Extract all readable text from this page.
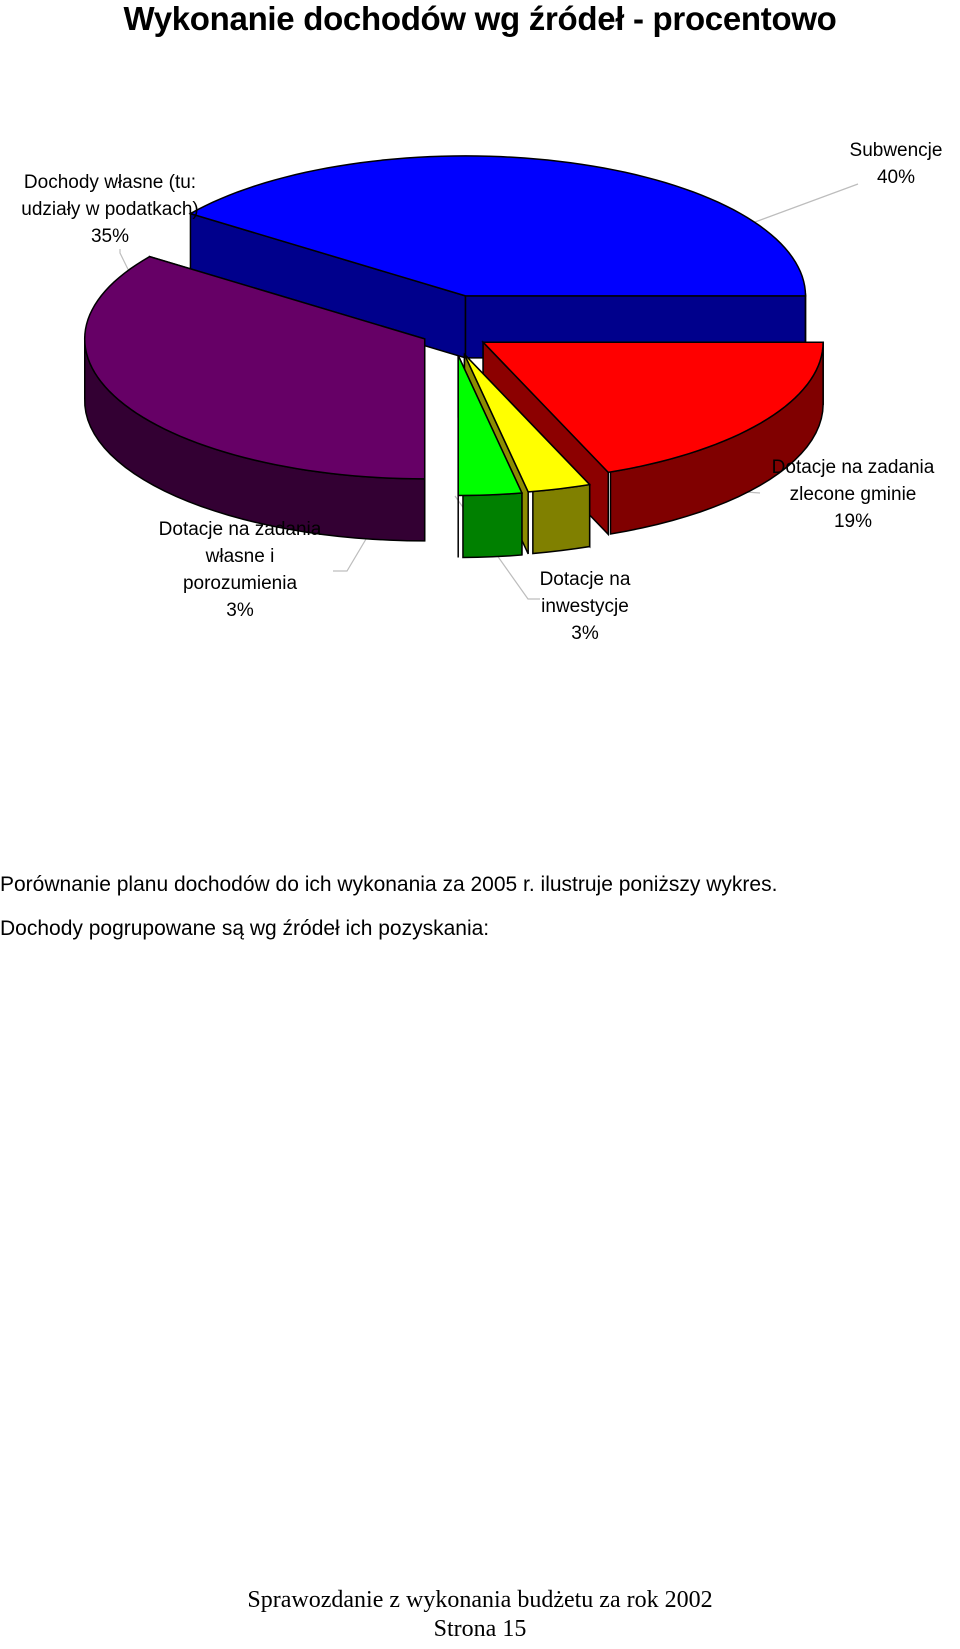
Wykonanie dochodów wg źródeł - procentowo
Subwencje
40%
Dotacje na zadania
zlecone gminie
19%
Dotacje na
inwestycje
3%
Dotacje na zadania
własne i
porozumienia
3%
Dochody własne (tu:
udziały w podatkach)
35%
Porównanie planu dochodów do ich wykonania za 2005 r. ilustruje poniższy wykres.
Dochody pogrupowane są wg źródeł ich pozyskania:
Sprawozdanie z wykonania budżetu za rok 2002
Strona 15
